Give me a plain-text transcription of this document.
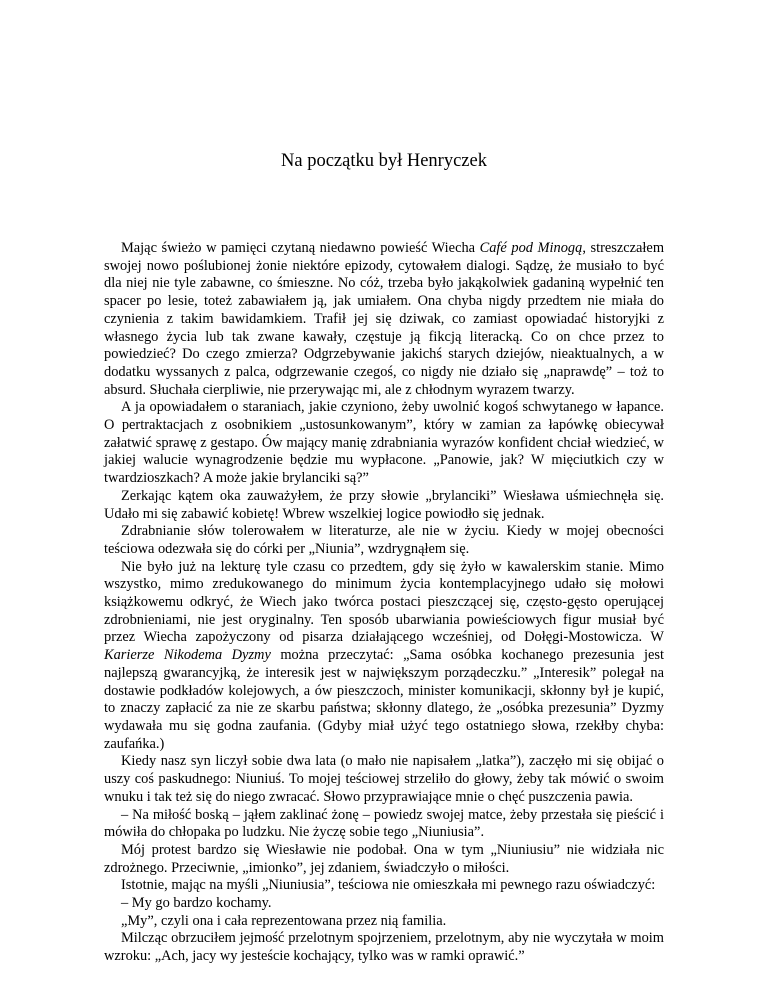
Na początku był Henryczek

Mając świeżo w pamięci czytaną niedawno powieść Wiecha Café pod Minogą, streszczałem swojej nowo poślubionej żonie niektóre epizody, cytowałem dialogi. Sądzę, że musiało to być dla niej nie tyle zabawne, co śmieszne. No cóż, trzeba było jakąkolwiek gadaniną wypełnić ten spacer po lesie, toteż zabawiałem ją, jak umiałem. Ona chyba nigdy przedtem nie miała do czynienia z takim bawidamkiem. Trafił jej się dziwak, co zamiast opowiadać historyjki z własnego życia lub tak zwane kawały, częstuje ją fikcją literacką. Co on chce przez to powiedzieć? Do czego zmierza? Odgrzebywanie jakichś starych dziejów, nieaktualnych, a w dodatku wyssanych z palca, odgrzewanie czegoś, co nigdy nie działo się „naprawdę” – toż to absurd. Słuchała cierpliwie, nie przerywając mi, ale z chłodnym wyrazem twarzy.

A ja opowiadałem o staraniach, jakie czyniono, żeby uwolnić kogoś schwytanego w łapance. O pertraktacjach z osobnikiem „ustosunkowanym”, który w zamian za łapówkę obiecywał załatwić sprawę z gestapo. Ów mający manię zdrabniania wyrazów konfident chciał wiedzieć, w jakiej walucie wynagrodzenie będzie mu wypłacone. „Panowie, jak? W mięciutkich czy w twardzioszkach? A może jakie brylanciki są?”

Zerkając kątem oka zauważyłem, że przy słowie „brylanciki” Wiesława uśmiechnęła się. Udało mi się zabawić kobietę! Wbrew wszelkiej logice powiodło się jednak.

Zdrabnianie słów tolerowałem w literaturze, ale nie w życiu. Kiedy w mojej obecności teściowa odezwała się do córki per „Niunia”, wzdrygnąłem się.

Nie było już na lekturę tyle czasu co przedtem, gdy się żyło w kawalerskim stanie. Mimo wszystko, mimo zredukowanego do minimum życia kontemplacyjnego udało się mołowi książkowemu odkryć, że Wiech jako twórca postaci pieszczącej się, często-gęsto operującej zdrobnieniami, nie jest oryginalny. Ten sposób ubarwiania powieściowych figur musiał być przez Wiecha zapożyczony od pisarza działającego wcześniej, od Dołęgi-Mostowicza. W Karierze Nikodema Dyzmy można przeczytać: „Sama osóbka kochanego prezesunia jest najlepszą gwarancyjką, że interesik jest w największym porządeczku.” „Interesik” polegał na dostawie podkładów kolejowych, a ów pieszczoch, minister komunikacji, skłonny był je kupić, to znaczy zapłacić za nie ze skarbu państwa; skłonny dlatego, że „osóbka prezesunia” Dyzmy wydawała mu się godna zaufania. (Gdyby miał użyć tego ostatniego słowa, rzekłby chyba: zaufańka.)

Kiedy nasz syn liczył sobie dwa lata (o mało nie napisałem „latka”), zaczęło mi się obijać o uszy coś paskudnego: Niuniuś. To mojej teściowej strzeliło do głowy, żeby tak mówić o swoim wnuku i tak też się do niego zwracać. Słowo przyprawiające mnie o chęć puszczenia pawia.

– Na miłość boską – jąłem zaklinać żonę – powiedz swojej matce, żeby przestała się pieścić i mówiła do chłopaka po ludzku. Nie życzę sobie tego „Niuniusia”.

Mój protest bardzo się Wiesławie nie podobał. Ona w tym „Niuniusiu” nie widziała nic zdrożnego. Przeciwnie, „imionko”, jej zdaniem, świadczyło o miłości.

Istotnie, mając na myśli „Niuniusia”, teściowa nie omieszkała mi pewnego razu oświadczyć:

– My go bardzo kochamy.

„My”, czyli ona i cała reprezentowana przez nią familia.

Milcząc obrzuciłem jejmość przelotnym spojrzeniem, przelotnym, aby nie wyczytała w moim wzroku: „Ach, jacy wy jesteście kochający, tylko was w ramki oprawić.”
